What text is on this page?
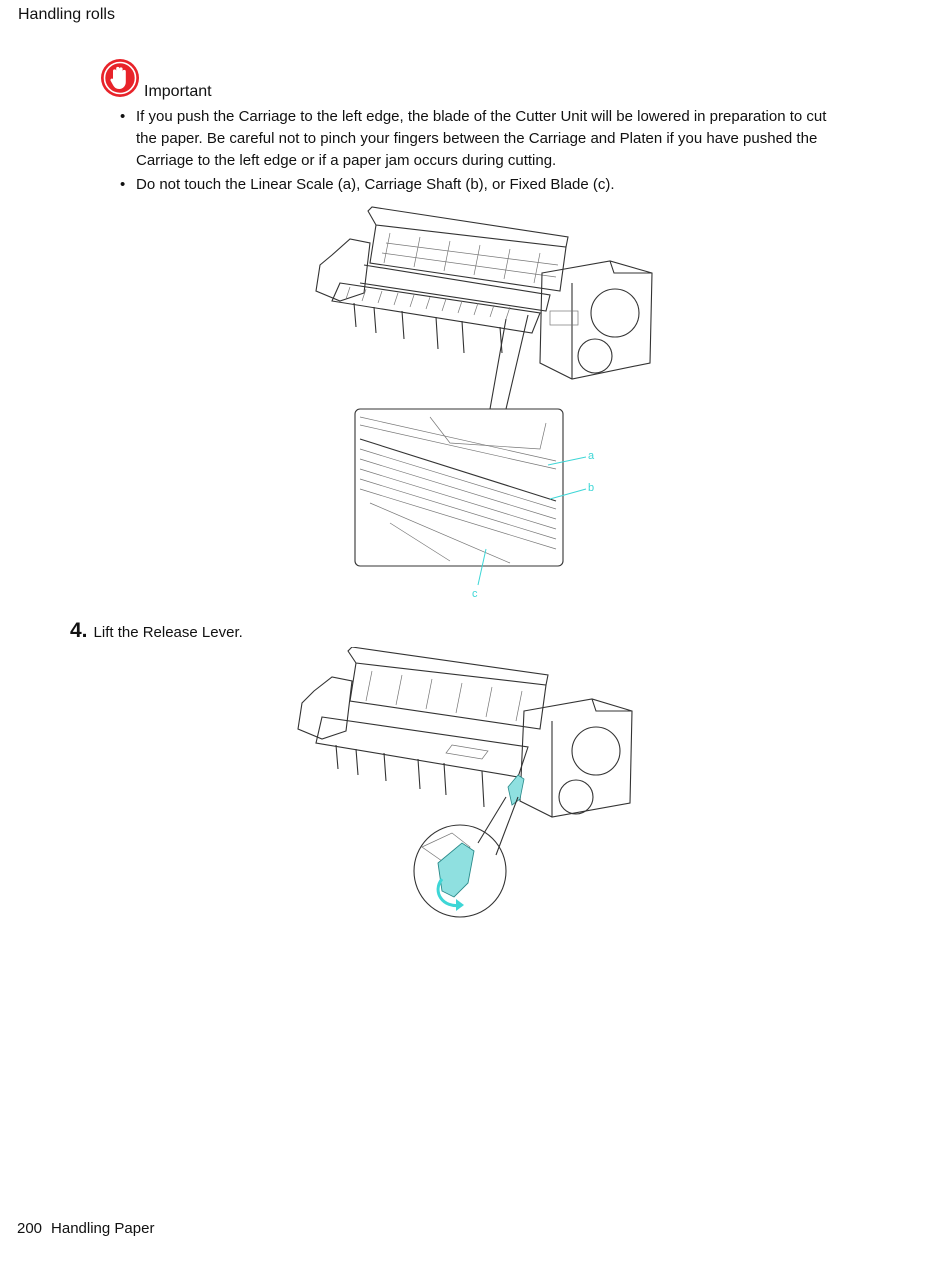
Handling rolls
Important
• If you push the Carriage to the left edge, the blade of the Cutter Unit will be lowered in preparation to cut the paper. Be careful not to pinch your fingers between the Carriage and Platen if you have pushed the Carriage to the left edge or if a paper jam occurs during cutting.
• Do not touch the Linear Scale (a), Carriage Shaft (b), or Fixed Blade (c).
a
b
c
4. Lift the Release Lever.
200 Handling Paper
